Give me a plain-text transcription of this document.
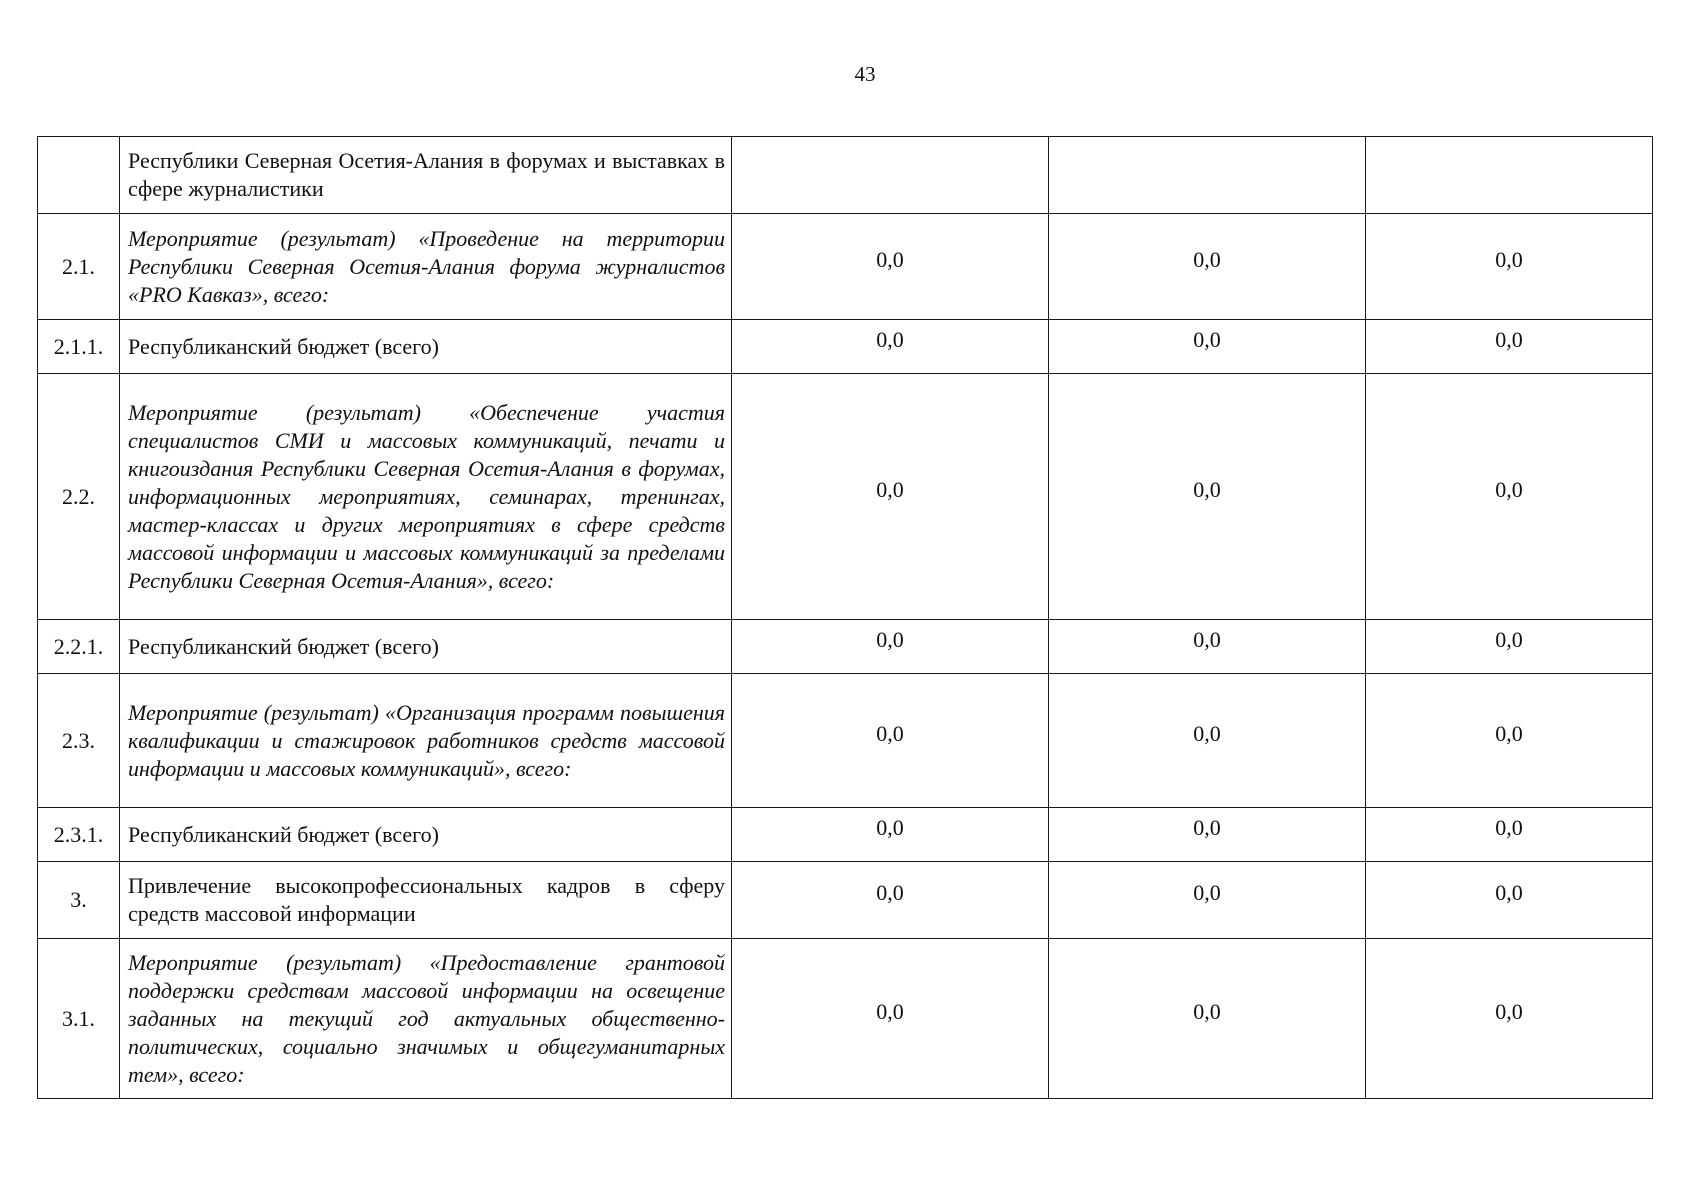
43
	Республики Северная Осетия-Алания в форумах и выставках в сфере журналистики			
2.1.	Мероприятие (результат) «Проведение на территории Республики Северная Осетия-Алания форума журналистов «PRO Кавказ», всего:	0,0	0,0	0,0
2.1.1.	Республиканский бюджет (всего)	0,0	0,0	0,0
2.2.	Мероприятие (результат) «Обеспечение участия специалистов СМИ и массовых коммуникаций, печати и книгоиздания Республики Северная Осетия-Алания в форумах, информационных мероприятиях, семинарах, тренингах, мастер-классах и других мероприятиях в сфере средств массовой информации и массовых коммуникаций за пределами Республики Северная Осетия-Алания», всего:	0,0	0,0	0,0
2.2.1.	Республиканский бюджет (всего)	0,0	0,0	0,0
2.3.	Мероприятие (результат) «Организация программ повышения квалификации и стажировок работников средств массовой информации и массовых коммуникаций», всего:	0,0	0,0	0,0
2.3.1.	Республиканский бюджет (всего)	0,0	0,0	0,0
3.	Привлечение высокопрофессиональных кадров в сферу средств массовой информации	0,0	0,0	0,0
3.1.	Мероприятие (результат) «Предоставление грантовой поддержки средствам массовой информации на освещение заданных на текущий год актуальных общественно-политических, социально значимых и общегуманитарных тем», всего:	0,0	0,0	0,0
